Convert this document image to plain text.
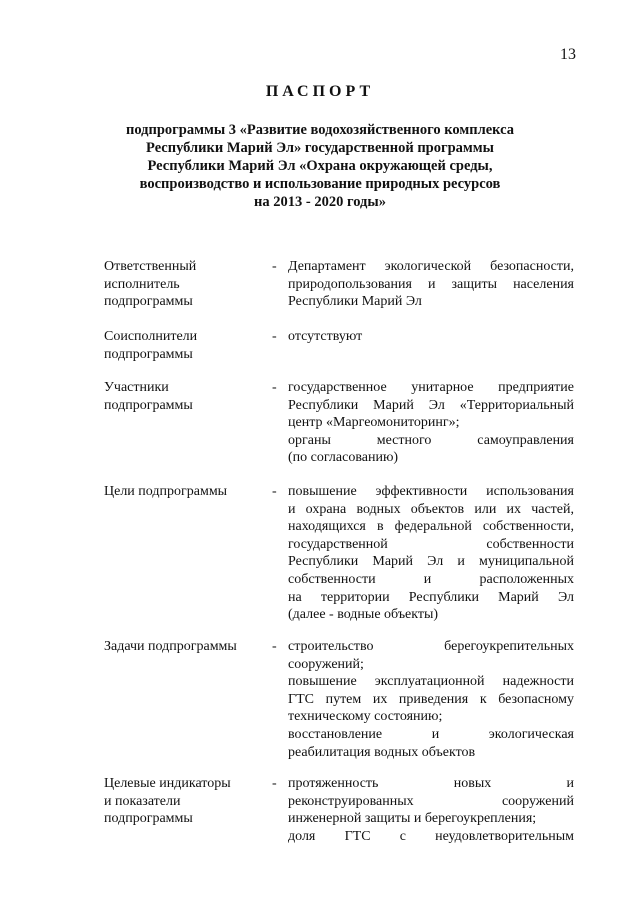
13
ПАСПОРТ
подпрограммы 3 «Развитие водохозяйственного комплекса
Республики Марий Эл» государственной программы
Республики Марий Эл «Охрана окружающей среды,
воспроизводство и использование природных ресурсов
на 2013 - 2020 годы»
Ответственный
исполнитель
подпрограммы
- Департамент экологической безопасности,
природопользования и защиты населения
Республики Марий Эл
Соисполнители
подпрограммы
- отсутствуют
Участники
подпрограммы
- государственное унитарное предприятие
Республики Марий Эл «Территориальный
центр «Маргеомониторинг»;
органы местного самоуправления
(по согласованию)
Цели подпрограммы	- повышение эффективности использования
и охрана водных объектов или их частей,
находящихся в федеральной собственности,
государственной собственности
Республики Марий Эл и муниципальной
собственности и расположенных
на территории Республики Марий Эл
(далее - водные объекты)
Задачи подпрограммы	- строительство берегоукрепительных
сооружений;
повышение эксплуатационной надежности
ГТС путем их приведения к безопасному
техническому состоянию;
восстановление и экологическая
реабилитация водных объектов
Целевые индикаторы
и показатели
подпрограммы
- протяженность новых и
реконструированных сооружений
инженерной защиты и берегоукрепления;
доля ГТС с неудовлетворительным
